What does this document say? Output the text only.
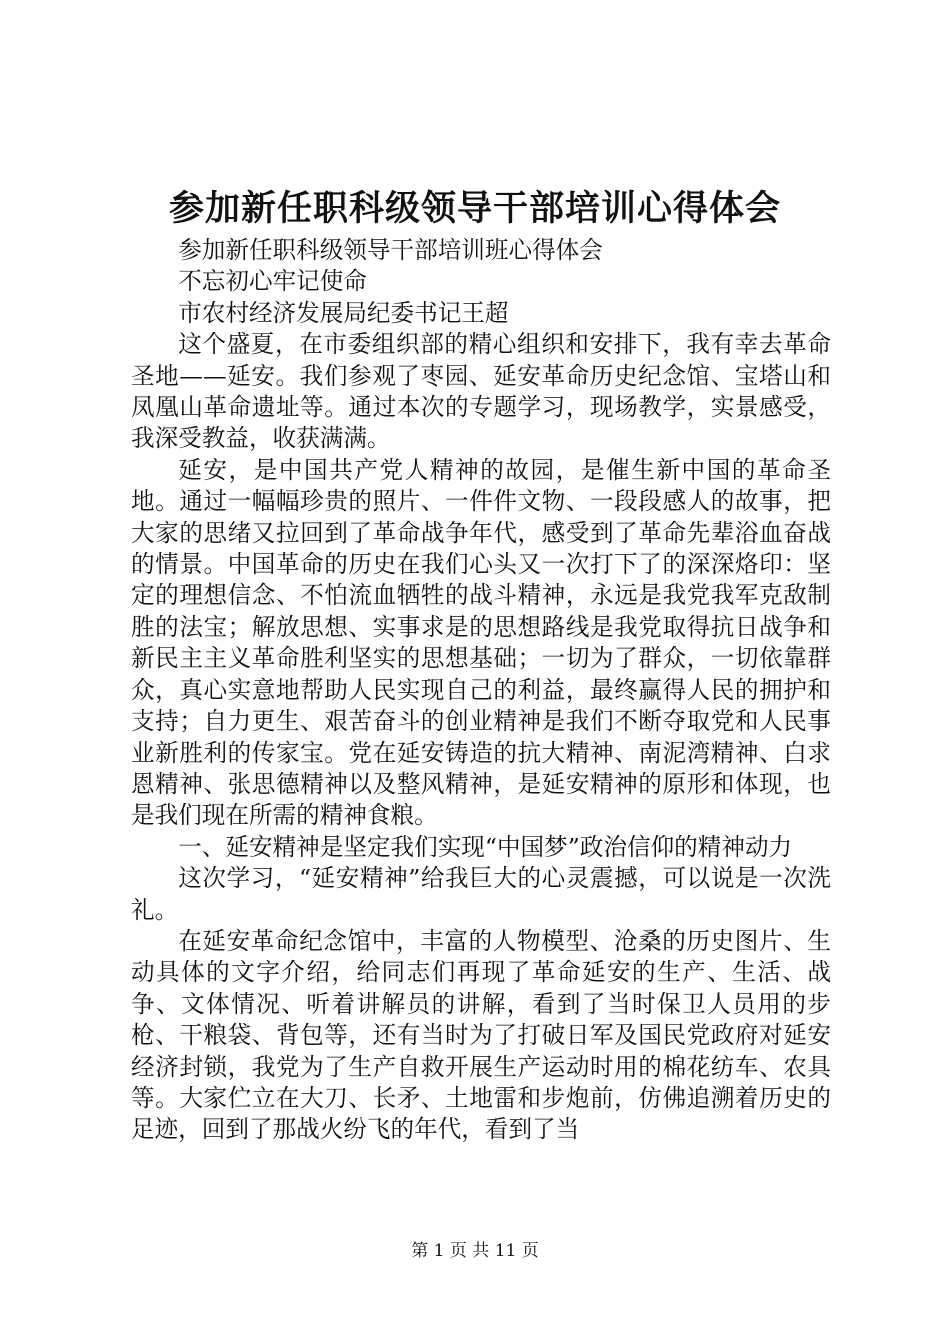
参加新任职科级领导干部培训心得体会

参加新任职科级领导干部培训班心得体会

不忘初心牢记使命

市农村经济发展局纪委书记王超

这个盛夏，在市委组织部的精心组织和安排下，我有幸去革命圣地——延安。我们参观了枣园、延安革命历史纪念馆、宝塔山和凤凰山革命遗址等。通过本次的专题学习，现场教学，实景感受，我深受教益，收获满满。

延安，是中国共产党人精神的故园，是催生新中国的革命圣地。通过一幅幅珍贵的照片、一件件文物、一段段感人的故事，把大家的思绪又拉回到了革命战争年代，感受到了革命先辈浴血奋战的情景。中国革命的历史在我们心头又一次打下了的深深烙印：坚定的理想信念、不怕流血牺牲的战斗精神，永远是我党我军克敌制胜的法宝；解放思想、实事求是的思想路线是我党取得抗日战争和新民主主义革命胜利坚实的思想基础；一切为了群众，一切依靠群众，真心实意地帮助人民实现自己的利益，最终赢得人民的拥护和支持；自力更生、艰苦奋斗的创业精神是我们不断夺取党和人民事业新胜利的传家宝。党在延安铸造的抗大精神、南泥湾精神、白求恩精神、张思德精神以及整风精神，是延安精神的原形和体现，也是我们现在所需的精神食粮。

一、延安精神是坚定我们实现“中国梦”政治信仰的精神动力

这次学习，“延安精神”给我巨大的心灵震撼，可以说是一次洗礼。

在延安革命纪念馆中，丰富的人物模型、沧桑的历史图片、生动具体的文字介绍，给同志们再现了革命延安的生产、生活、战争、文体情况、听着讲解员的讲解，看到了当时保卫人员用的步枪、干粮袋、背包等，还有当时为了打破日军及国民党政府对延安经济封锁，我党为了生产自救开展生产运动时用的棉花纺车、农具等。大家伫立在大刀、长矛、土地雷和步炮前，仿佛追溯着历史的足迹，回到了那战火纷飞的年代，看到了当

第 1 页 共 11 页
